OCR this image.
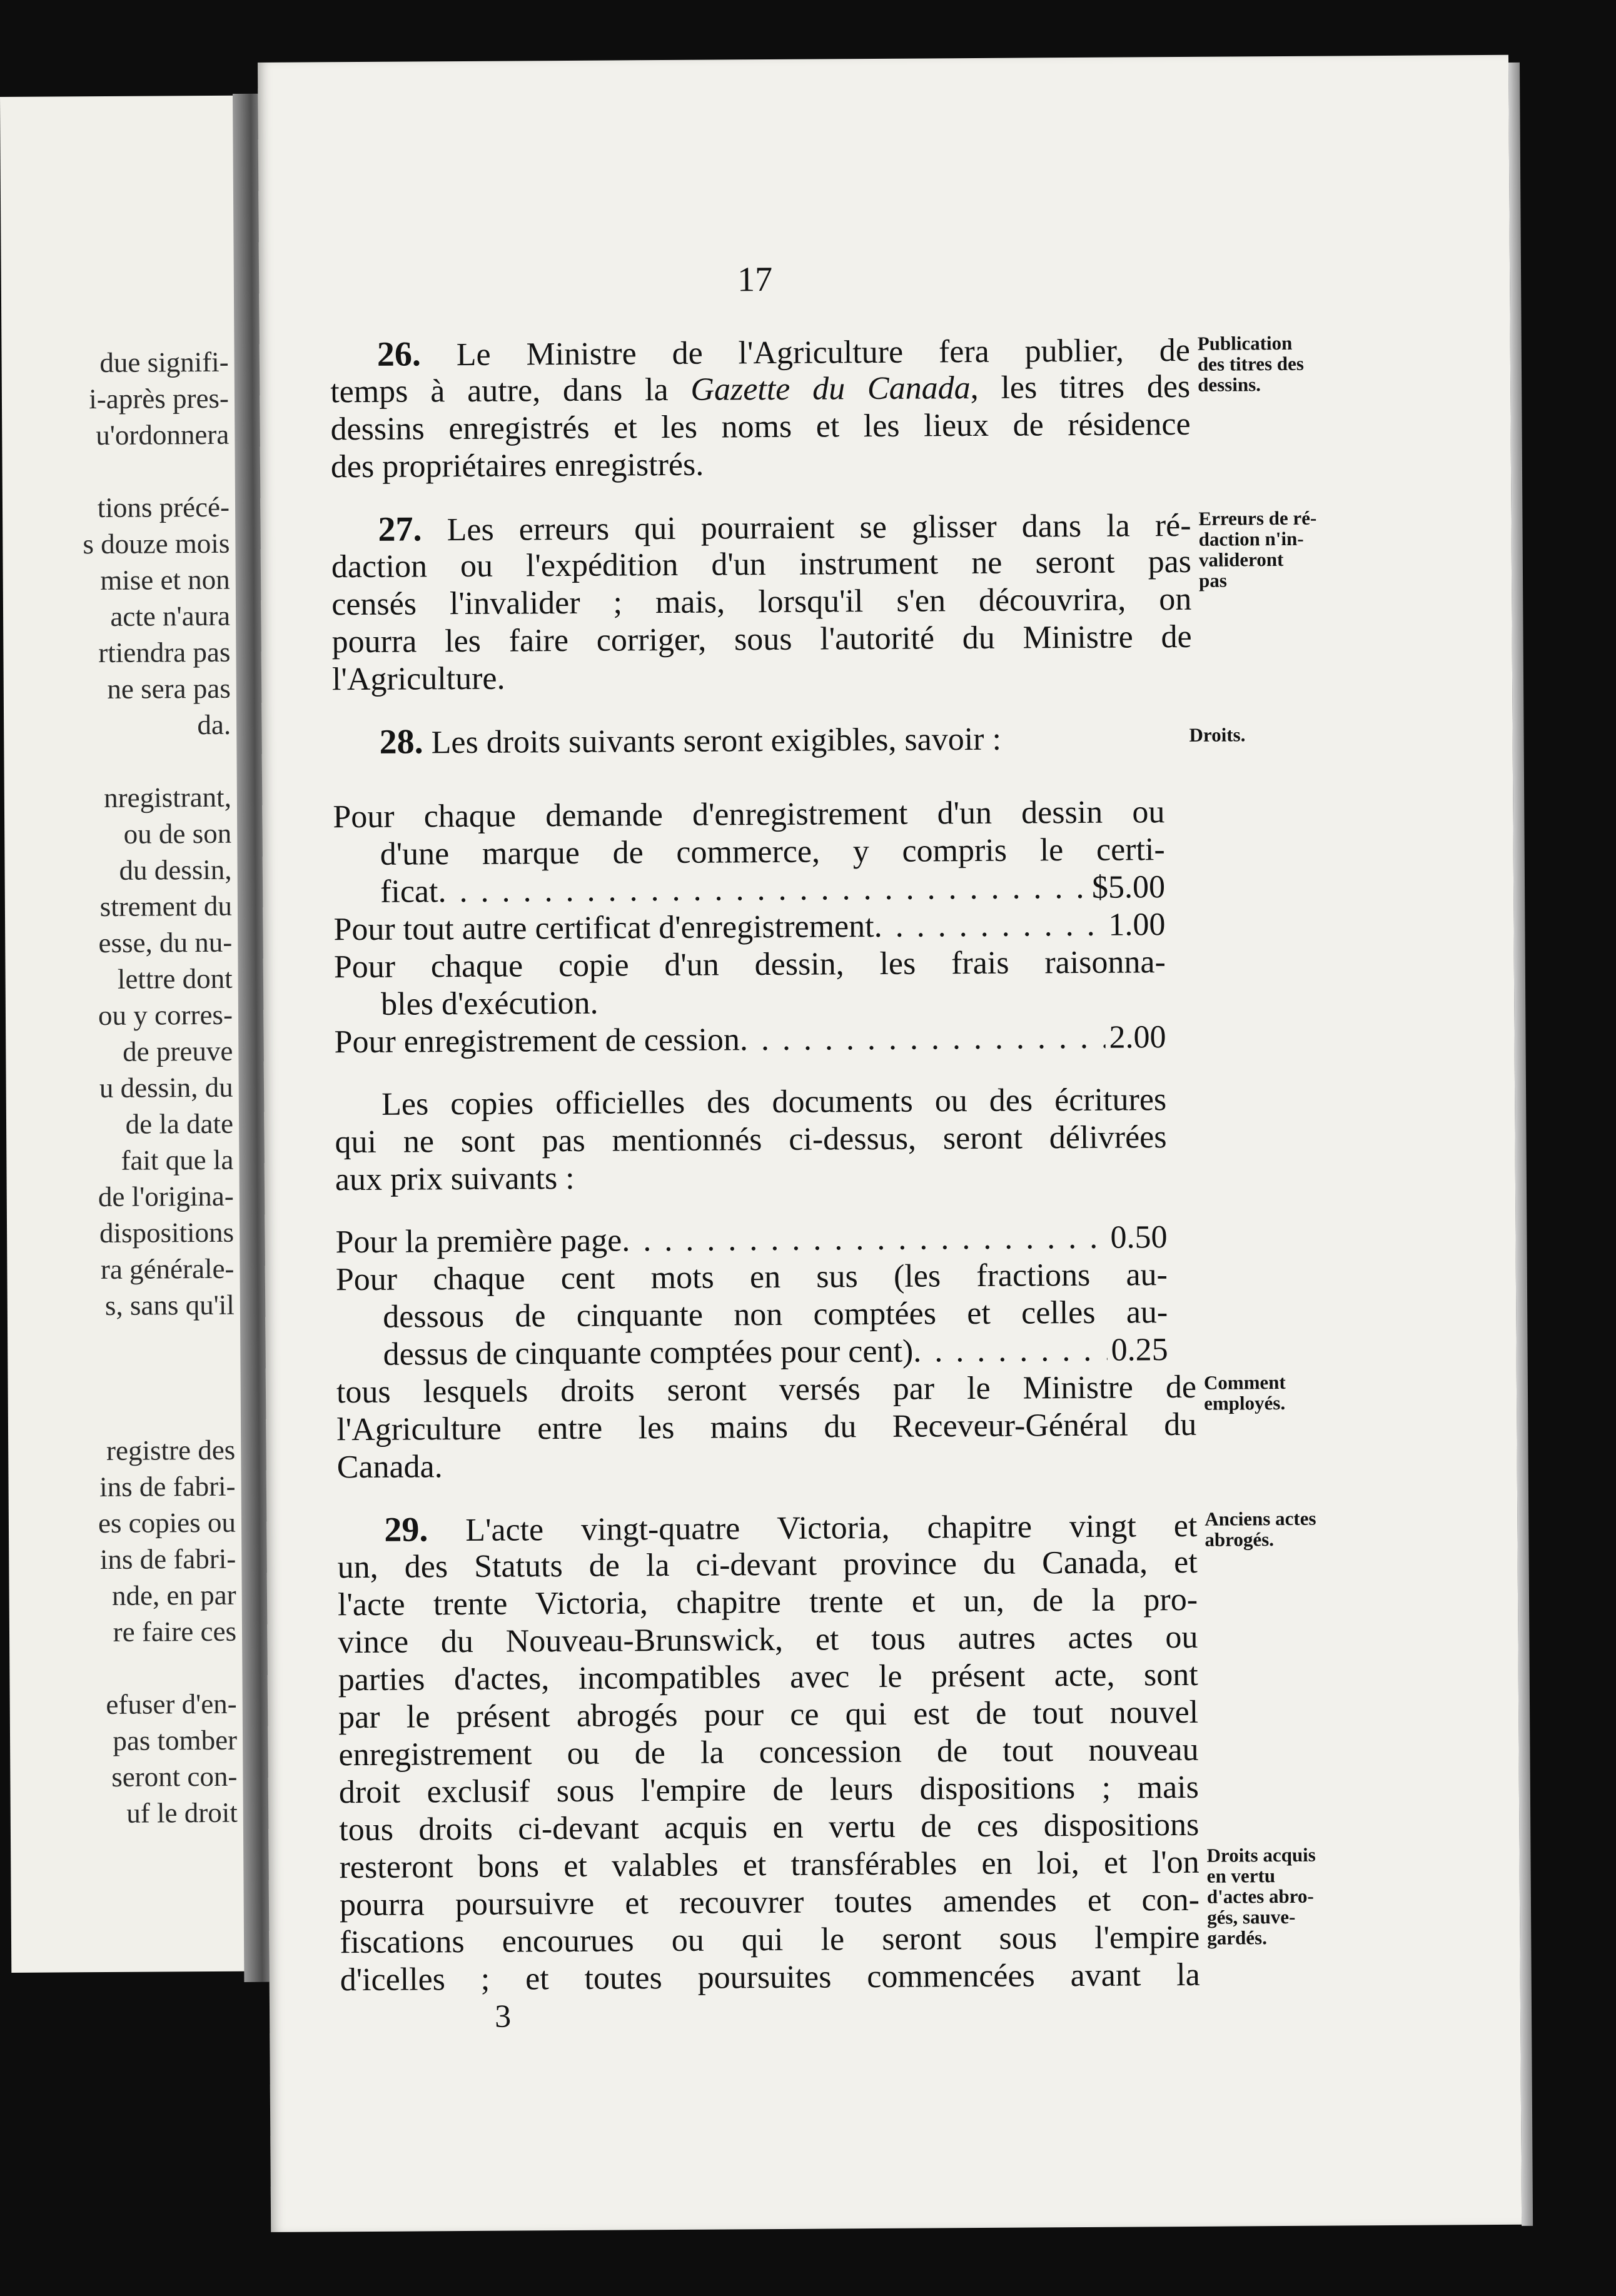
due signifi-
i-après pres-
u'ordonnera
tions précé-
s douze mois
mise et non
acte n'aura
rtiendra pas
ne sera pas
da.
nregistrant,
ou de son
du dessin,
strement du
esse, du nu-
lettre dont
ou y corres-
de preuve
u dessin, du
de la date
fait que la
de l'origina-
dispositions
ra générale-
s, sans qu'il
registre des
ins de fabri-
es copies ou
ins de fabri-
nde, en par
re faire ces
efuser d'en-
pas tomber
seront con-
uf le droit
17
26. Le Ministre de l'Agriculture fera publier, de
temps à autre, dans la Gazette du Canada, les titres des
dessins enregistrés et les noms et les lieux de résidence
des propriétaires enregistrés.
Publication
des titres des
dessins.
27. Les erreurs qui pourraient se glisser dans la ré-
daction ou l'expédition d'un instrument ne seront pas
censés l'invalider ; mais, lorsqu'il s'en découvrira, on
pourra les faire corriger, sous l'autorité du Ministre de
l'Agriculture.
Erreurs de ré-
daction n'in-
valideront
pas
28. Les droits suivants seront exigibles, savoir :	Droits.
Pour chaque demande d'enregistrement d'un dessin ou
d'une marque de commerce, y compris le certi-
ficat . . .	$5.00
Pour tout autre certificat d'enregistrement . . .	1.00
Pour chaque copie d'un dessin, les frais raisonna-
bles d'exécution.
Pour enregistrement de cession . . .	2.00
Les copies officielles des documents ou des écritures
qui ne sont pas mentionnés ci-dessus, seront délivrées
aux prix suivants :
Pour la première page . . .	0.50
Pour chaque cent mots en sus (les fractions au-
dessous de cinquante non comptées et celles au-
dessus de cinquante comptées pour cent) . . .	0.25
tous lesquels droits seront versés par le Ministre de
l'Agriculture entre les mains du Receveur-Général du
Canada.
Comment
employés.
29. L'acte vingt-quatre Victoria, chapitre vingt et
un, des Statuts de la ci-devant province du Canada, et
l'acte trente Victoria, chapitre trente et un, de la pro-
vince du Nouveau-Brunswick, et tous autres actes ou
parties d'actes, incompatibles avec le présent acte, sont
par le présent abrogés pour ce qui est de tout nouvel
enregistrement ou de la concession de tout nouveau
droit exclusif sous l'empire de leurs dispositions ; mais
tous droits ci-devant acquis en vertu de ces dispositions
resteront bons et valables et transférables en loi, et l'on
pourra poursuivre et recouvrer toutes amendes et con-
fiscations encourues ou qui le seront sous l'empire
d'icelles ; et toutes poursuites commencées avant la
Anciens actes
abrogés.
Droits acquis
en vertu
d'actes abro-
gés, sauve-
gardés.
3
